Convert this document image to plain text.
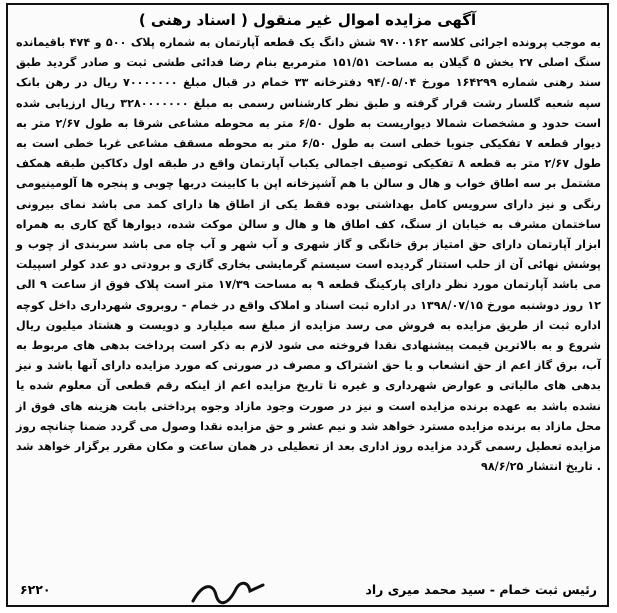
آگهی مزایده اموال غیر منقول ( اسناد رهنی )

به موجب پرونده اجرائی کلاسه ۹۷۰۰۱۶۲ شش دانگ یک قطعه آپارتمان به شماره پلاک ۵۰۰ و ۴۷۴ باقیمانده سنگ اصلی ۲۷ بخش ۵ گیلان به مساحت ۱۵۱/۵۱ مترمربع بنام رضا فدائی طشی ثبت و صادر گردید طبق سند رهنی شماره ۱۶۴۲۹۹ مورخ ۹۴/۰۵/۰۴ دفترخانه ۳۳ خمام در قبال مبلغ ۷۰۰۰۰۰۰۰ ریال در رهن بانک سپه شعبه گلسار رشت قرار گرفته و طبق نظر کارشناس رسمی به مبلغ ۳۲۸۰۰۰۰۰۰۰ ریال ارزیابی شده است حدود و مشخصات شمالا دیواریست به طول ۶/۵۰ متر به محوطه مشاعی شرقا به طول ۲/۶۷ متر به دیوار قطعه ۷ تفکیکی جنوبا خطی است به طول ۶/۵۰ متر به محوطه مسقف مشاعی غربا خطی است به طول ۲/۶۷ متر به قطعه ۸ تفکیکی توصیف اجمالی یکباب آپارتمان واقع در طبقه اول دکاکین طبقه همکف مشتمل بر سه اطاق خواب و هال و سالن با هم آشپزخانه اپن با کابینت دربها چوبی و پنجره ها آلومینیومی رنگی و نیز دارای سرویس کامل بهداشتی بوده فقط یکی از اطاق ها دارای کمد می باشد نمای بیرونی ساختمان مشرف به خیابان از سنگ، کف اطاق ها و هال و سالن موکت شده، دیوارها گچ کاری به همراه ابزار آپارتمان دارای حق امتیاز برق خانگی و گاز شهری و آب شهر و آب چاه می باشد سربندی از چوب و پوشش نهائی آن از حلب استتار گردیده است سیستم گرمایشی بخاری گازی و برودتی دو عدد کولر اسپیلت می باشد آپارتمان مورد نظر دارای پارکینگ قطعه ۹ به مساحت ۱۷/۳۹ متر است پلاک فوق از ساعت ۹ الی ۱۲ روز دوشنبه مورخ ۱۳۹۸/۰۷/۱۵ در اداره ثبت اسناد و املاک واقع در خمام - روبروی شهرداری داخل کوچه اداره ثبت از طریق مزایده به فروش می رسد مزایده از مبلغ سه میلیارد و دویست و هشتاد میلیون ریال شروع و به بالاترین قیمت پیشنهادی نقدا فروخته می شود لازم به ذکر است پرداخت بدهی های مربوط به آب، برق گاز اعم از حق انشعاب و یا حق اشتراک و مصرف در صورتی که مورد مزایده دارای آنها باشد و نیز بدهی های مالیاتی و عوارض شهرداری و غیره تا تاریخ مزایده اعم از اینکه رقم قطعی آن معلوم شده یا نشده باشد به عهده برنده مزایده است و نیز در صورت وجود مازاد وجوه پرداختی بابت هزینه های فوق از محل مازاد به برنده مزایده مسترد خواهد شد و نیم عشر و حق مزایده نقدا وصول می گردد ضمنا چنانچه روز مزایده تعطیل رسمی گردد مزایده روز اداری بعد از تعطیلی در همان ساعت و مکان مقرر برگزار خواهد شد . تاریخ انتشار ۹۸/۶/۲۵

رئیس ثبت خمام - سید محمد میری راد
۶۲۲۰
